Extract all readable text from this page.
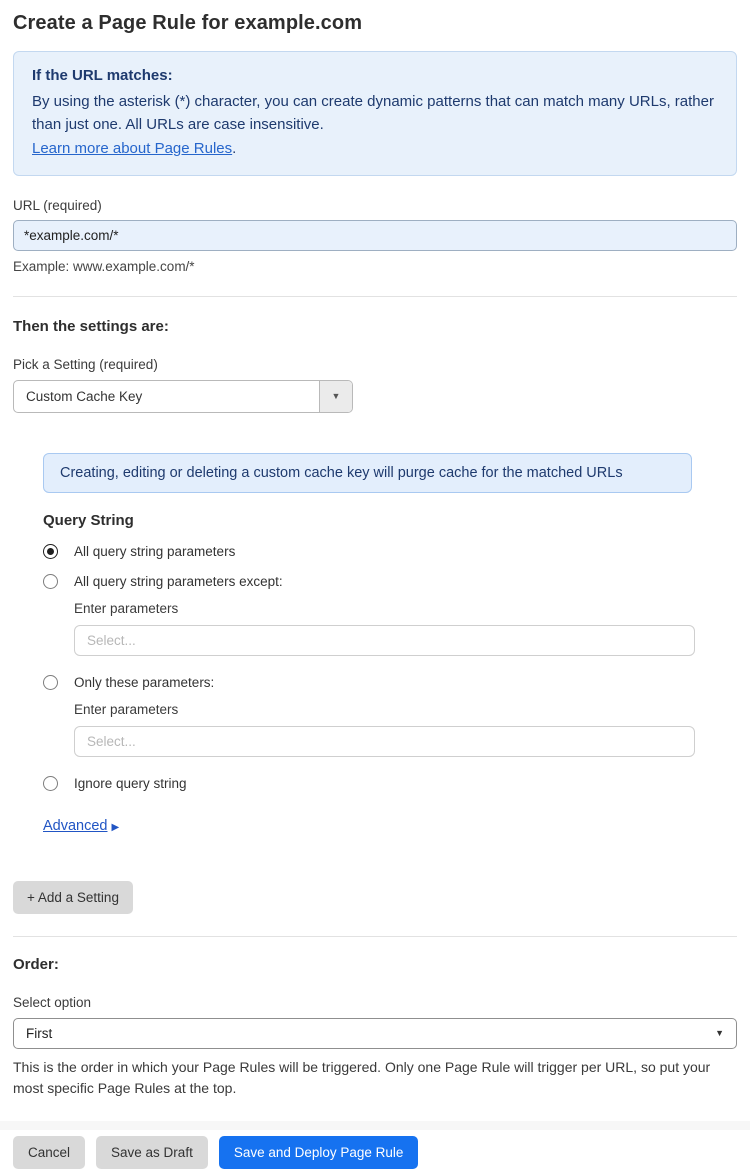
Create a Page Rule for example.com
If the URL matches:
By using the asterisk (*) character, you can create dynamic patterns that can match many URLs, rather than just one. All URLs are case insensitive.
Learn more about Page Rules.
URL (required)
*example.com/*
Example: www.example.com/*
Then the settings are:
Pick a Setting (required)
Custom Cache Key	▼
Creating, editing or deleting a custom cache key will purge cache for the matched URLs
Query String
All query string parameters
All query string parameters except:
Enter parameters
Select...
Only these parameters:
Enter parameters
Select...
Ignore query string
Advanced ▶
+ Add a Setting
Order:
Select option
First	▼
This is the order in which your Page Rules will be triggered. Only one Page Rule will trigger per URL, so put your most specific Page Rules at the top.
Cancel	Save as Draft	Save and Deploy Page Rule
